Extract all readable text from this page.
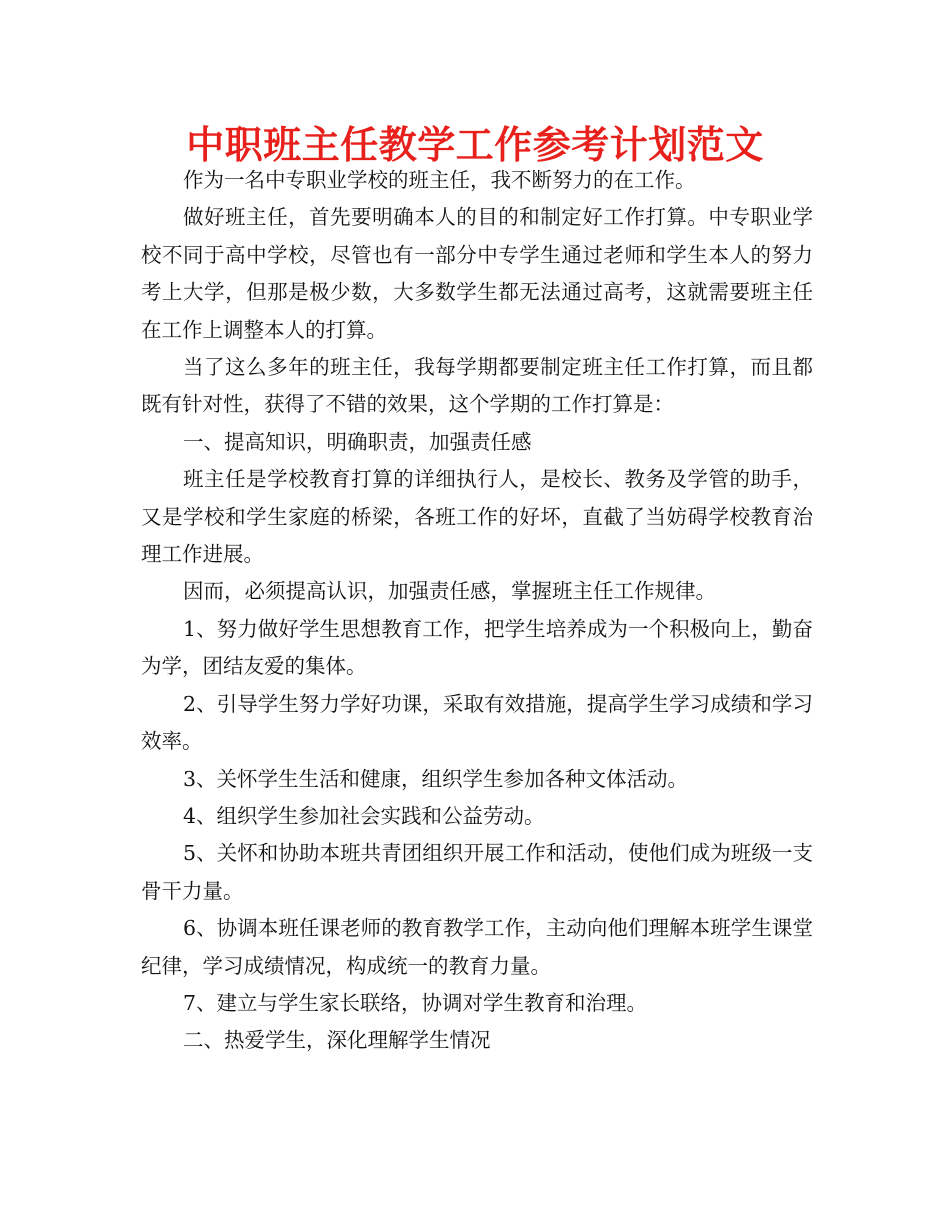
中职班主任教学工作参考计划范文

作为一名中专职业学校的班主任，我不断努力的在工作。

做好班主任，首先要明确本人的目的和制定好工作打算。中专职业学校不同于高中学校，尽管也有一部分中专学生通过老师和学生本人的努力考上大学，但那是极少数，大多数学生都无法通过高考，这就需要班主任在工作上调整本人的打算。

当了这么多年的班主任，我每学期都要制定班主任工作打算，而且都既有针对性，获得了不错的效果，这个学期的工作打算是：

一、提高知识，明确职责，加强责任感

班主任是学校教育打算的详细执行人，是校长、教务及学管的助手，又是学校和学生家庭的桥梁，各班工作的好坏，直截了当妨碍学校教育治理工作进展。

因而，必须提高认识，加强责任感，掌握班主任工作规律。

1、努力做好学生思想教育工作，把学生培养成为一个积极向上，勤奋为学，团结友爱的集体。

2、引导学生努力学好功课，采取有效措施，提高学生学习成绩和学习效率。

3、关怀学生生活和健康，组织学生参加各种文体活动。

4、组织学生参加社会实践和公益劳动。

5、关怀和协助本班共青团组织开展工作和活动，使他们成为班级一支骨干力量。

6、协调本班任课老师的教育教学工作，主动向他们理解本班学生课堂纪律，学习成绩情况，构成统一的教育力量。

7、建立与学生家长联络，协调对学生教育和治理。

二、热爱学生，深化理解学生情况
